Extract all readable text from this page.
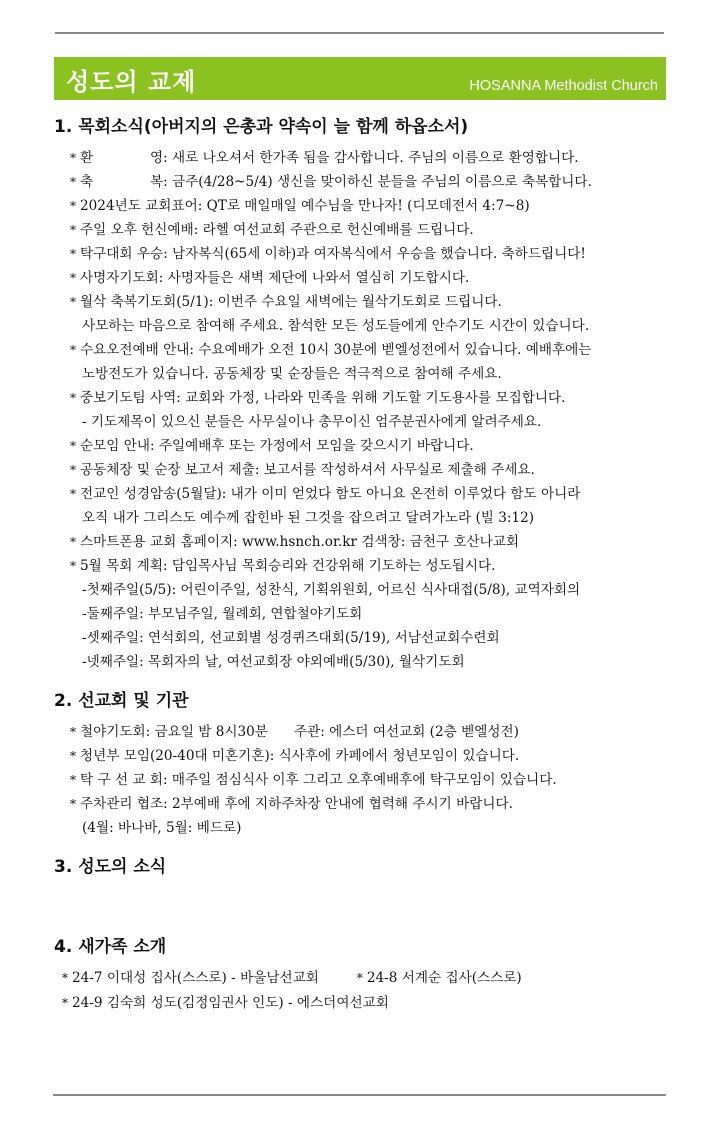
성도의 교제	HOSANNA Methodist Church
1. 목회소식(아버지의 은총과 약속이 늘 함께 하옵소서)
* 환	영: 새로 나오셔서 한가족 됨을 감사합니다. 주님의 이름으로 환영합니다.
* 축	복: 금주(4/28~5/4) 생신을 맞이하신 분들을 주님의 이름으로 축복합니다.
* 2024년도 교회표어: QT로 매일매일 예수님을 만나자! (디모데전서 4:7~8)
* 주일 오후 헌신예배: 라헬 여선교회 주관으로 헌신예배를 드립니다.
* 탁구대회 우승: 남자복식(65세 이하)과 여자복식에서 우승을 했습니다. 축하드립니다!
* 사명자기도회: 사명자들은 새벽 제단에 나와서 열심히 기도합시다.
* 월삭 축복기도회(5/1): 이번주 수요일 새벽에는 월삭기도회로 드립니다.
사모하는 마음으로 참여해 주세요. 참석한 모든 성도들에게 안수기도 시간이 있습니다.
* 수요오전예배 안내: 수요예배가 오전 10시 30분에 벧엘성전에서 있습니다. 예배후에는
노방전도가 있습니다. 공동체장 및 순장들은 적극적으로 참여해 주세요.
* 중보기도팀 사역: 교회와 가정, 나라와 민족을 위해 기도할 기도용사를 모집합니다.
- 기도제목이 있으신 분들은 사무실이나 총무이신 엄주분권사에게 알려주세요.
* 순모임 안내: 주일예배후 또는 가정에서 모임을 갖으시기 바랍니다.
* 공동체장 및 순장 보고서 제출: 보고서를 작성하셔서 사무실로 제출해 주세요.
* 전교인 성경암송(5월달): 내가 이미 얻었다 함도 아니요 온전히 이루었다 함도 아니라
오직 내가 그리스도 예수께 잡힌바 된 그것을 잡으려고 달려가노라 (빌 3:12)
* 스마트폰용 교회 홈페이지: www.hsnch.or.kr 검색창: 금천구 호산나교회
* 5월 목회 계획: 담임목사님 목회승리와 건강위해 기도하는 성도됩시다.
-첫째주일(5/5): 어린이주일, 성찬식, 기획위원회, 어르신 식사대접(5/8), 교역자회의
-둘째주일: 부모님주일, 월례회, 연합철야기도회
-셋째주일: 연석회의, 선교회별 성경퀴즈대회(5/19), 서남선교회수련회
-넷째주일: 목회자의 날, 여선교회장 야외예배(5/30), 월삭기도회
2. 선교회 및 기관
* 철야기도회: 금요일 밤 8시30분 주관: 에스더 여선교회 (2층 벧엘성전)
* 청년부 모임(20-40대 미혼기혼): 식사후에 카페에서 청년모임이 있습니다.
* 탁 구 선 교 회: 매주일 점심식사 이후 그리고 오후예배후에 탁구모임이 있습니다.
* 주차관리 협조: 2부예배 후에 지하주차장 안내에 협력해 주시기 바랍니다.
(4월: 바나바, 5월: 베드로)
3. 성도의 소식
4. 새가족 소개
* 24-7 이대성 집사(스스로) - 바울남선교회	* 24-8 서계순 집사(스스로)
* 24-9 김숙희 성도(김정임권사 인도) - 에스더여선교회
